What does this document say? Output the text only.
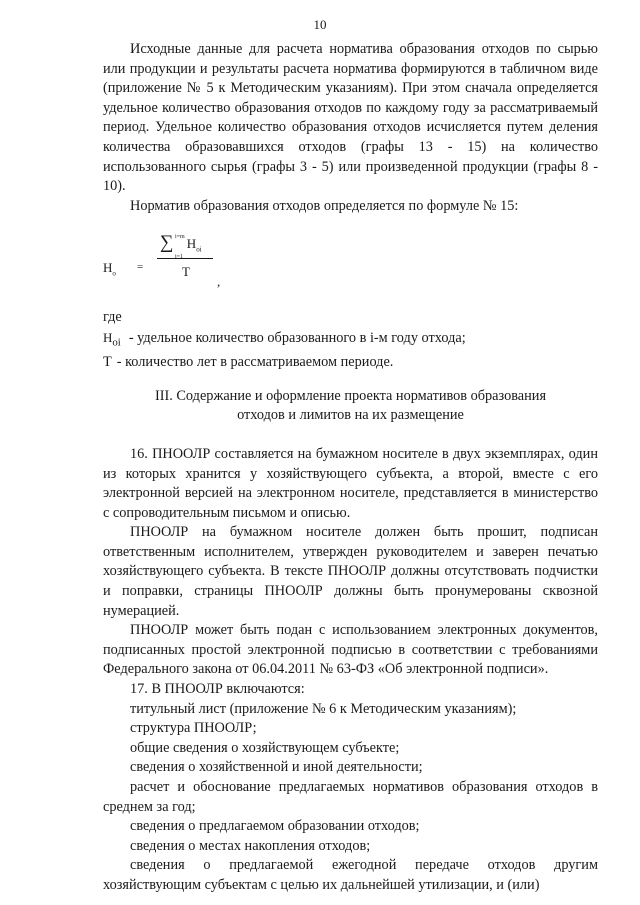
10

Исходные данные для расчета норматива образования отходов по сырью или продукции и результаты расчета норматива формируются в табличном виде (приложение № 5 к Методическим указаниям). При этом сначала определяется удельное количество образования отходов по каждому году за рассматриваемый период. Удельное количество образования отходов исчисляется путем деления количества образовавшихся отходов (графы 13 - 15) на количество использованного сырья (графы 3 - 5) или произведенной продукции (графы 8 - 10).

Норматив образования отходов определяется по формуле № 15:

$Н_о$
=
∑ i=m
i=1
$Н_{оi}$
Т
,

где

$Н_{оi}$ - удельное количество образованного в i-м году отхода;
Т - количество лет в рассматриваемом периоде.
III. Содержание и оформление проекта нормативов образования
отходов и лимитов на их размещение

16. ПНООЛР составляется на бумажном носителе в двух экземплярах, один из которых хранится у хозяйствующего субъекта, а второй, вместе с его электронной версией на электронном носителе, представляется в министерство с сопроводительным письмом и описью.

ПНООЛР на бумажном носителе должен быть прошит, подписан ответственным исполнителем, утвержден руководителем и заверен печатью хозяйствующего субъекта. В тексте ПНООЛР должны отсутствовать подчистки и поправки, страницы ПНООЛР должны быть пронумерованы сквозной нумерацией.

ПНООЛР может быть подан с использованием электронных документов, подписанных простой электронной подписью в соответствии с требованиями Федерального закона от 06.04.2011 № 63-ФЗ «Об электронной подписи».

17. В ПНООЛР включаются:

титульный лист (приложение № 6 к Методическим указаниям);

структура ПНООЛР;

общие сведения о хозяйствующем субъекте;

сведения о хозяйственной и иной деятельности;

расчет и обоснование предлагаемых нормативов образования отходов в среднем за год;

сведения о предлагаемом образовании отходов;

сведения о местах накопления отходов;

сведения о предлагаемой ежегодной передаче отходов другим хозяйствующим субъектам с целью их дальнейшей утилизации, и (или)
